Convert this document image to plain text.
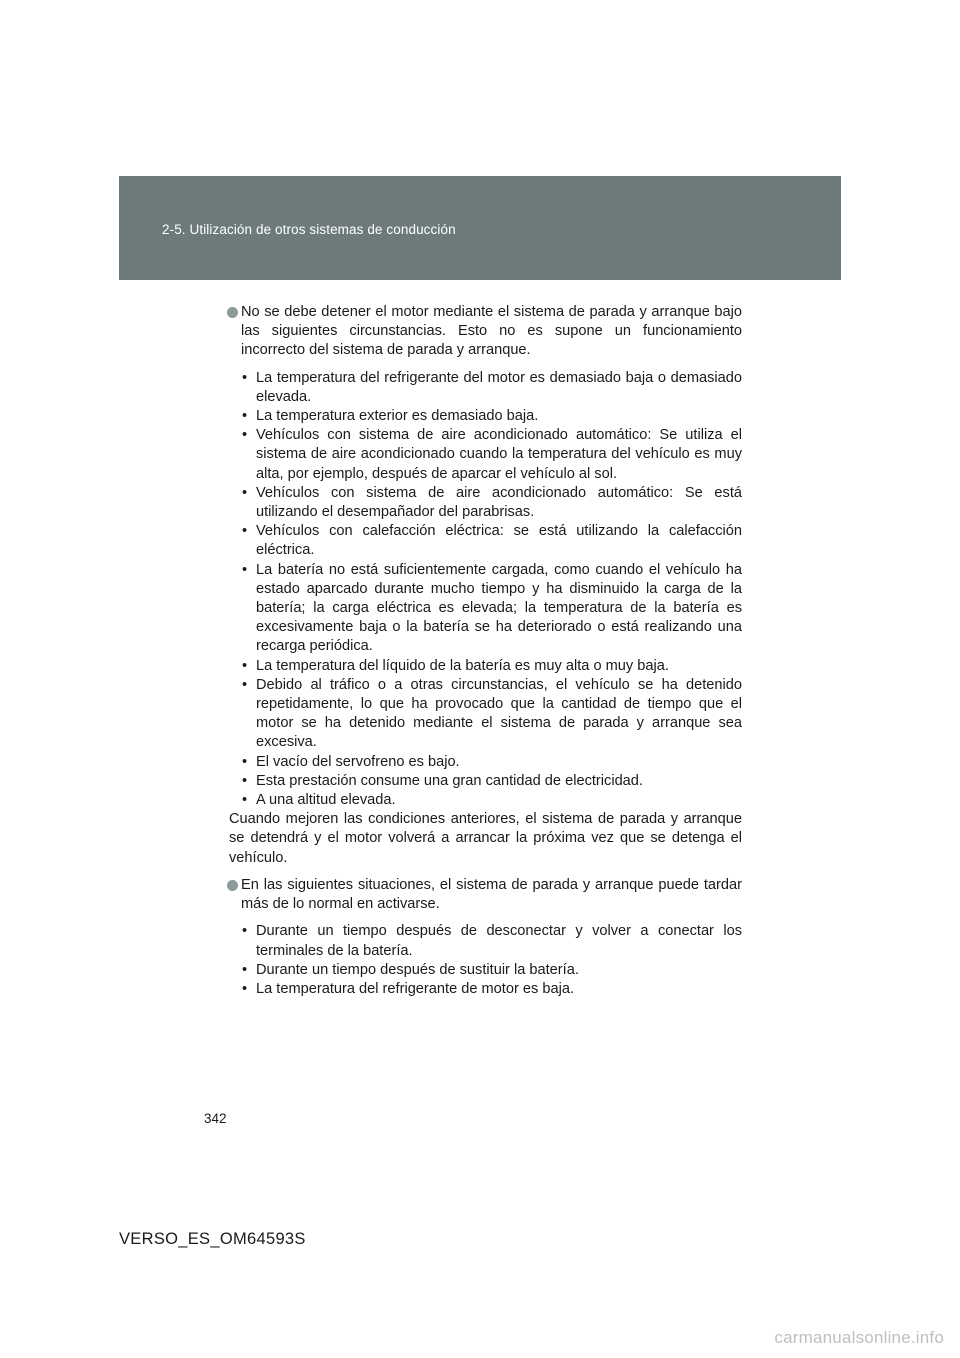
2-5. Utilización de otros sistemas de conducción
No se debe detener el motor mediante el sistema de parada y arranque bajo las siguientes circunstancias. Esto no es supone un funcionamiento incorrecto del sistema de parada y arranque.
• La temperatura del refrigerante del motor es demasiado baja o demasiado elevada.
• La temperatura exterior es demasiado baja.
• Vehículos con sistema de aire acondicionado automático: Se utiliza el sistema de aire acondicionado cuando la temperatura del vehículo es muy alta, por ejemplo, después de aparcar el vehículo al sol.
• Vehículos con sistema de aire acondicionado automático: Se está utilizando el desempañador del parabrisas.
• Vehículos con calefacción eléctrica: se está utilizando la calefacción eléctrica.
• La batería no está suficientemente cargada, como cuando el vehículo ha estado aparcado durante mucho tiempo y ha disminuido la carga de la batería; la carga eléctrica es elevada; la temperatura de la batería es excesivamente baja o la batería se ha deteriorado o está realizando una recarga periódica.
• La temperatura del líquido de la batería es muy alta o muy baja.
• Debido al tráfico o a otras circunstancias, el vehículo se ha detenido repetidamente, lo que ha provocado que la cantidad de tiempo que el motor se ha detenido mediante el sistema de parada y arranque sea excesiva.
• El vacío del servofreno es bajo.
• Esta prestación consume una gran cantidad de electricidad.
• A una altitud elevada.
Cuando mejoren las condiciones anteriores, el sistema de parada y arranque se detendrá y el motor volverá a arrancar la próxima vez que se detenga el vehículo.
En las siguientes situaciones, el sistema de parada y arranque puede tardar más de lo normal en activarse.
• Durante un tiempo después de desconectar y volver a conectar los terminales de la batería.
• Durante un tiempo después de sustituir la batería.
• La temperatura del refrigerante de motor es baja.
342
VERSO_ES_OM64593S
carmanualsonline.info
